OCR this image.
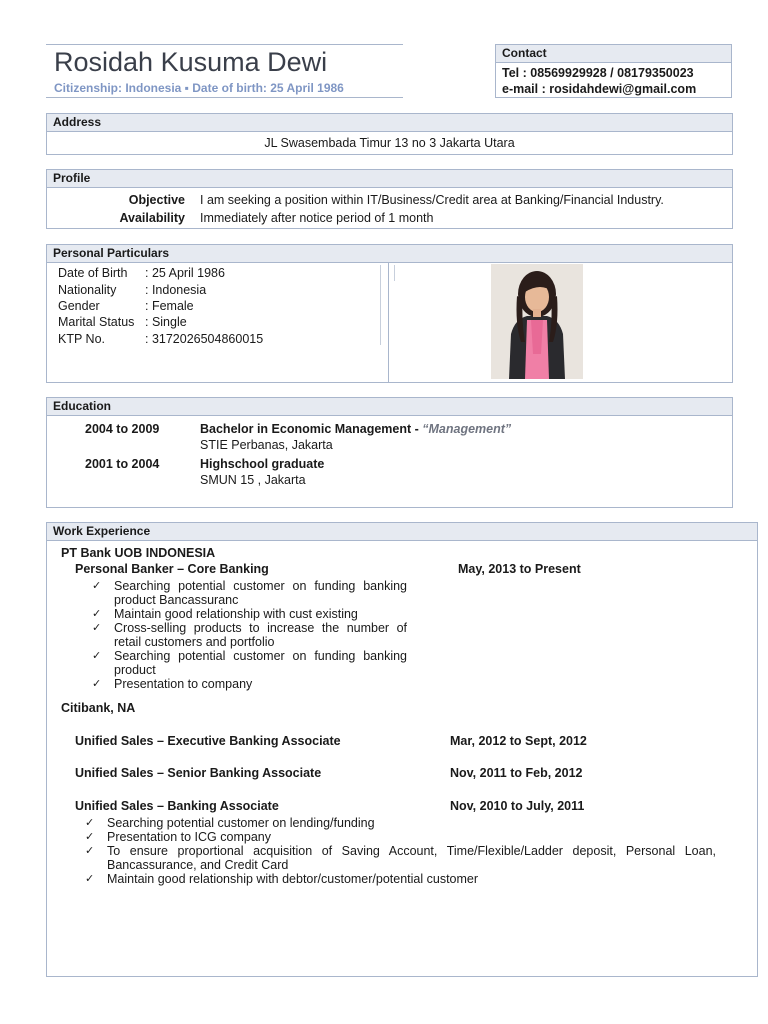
Rosidah Kusuma Dewi
Citizenship: Indonesia ▪ Date of birth: 25 April 1986
Contact
Tel : 08569929928 / 08179350023
e-mail : rosidahdewi@gmail.com
Address
JL Swasembada Timur 13 no 3 Jakarta Utara
Profile
Objective I am seeking a position within IT/Business/Credit area at Banking/Financial Industry.
Availability Immediately after notice period of 1 month
Personal Particulars
Date of Birth : 25 April 1986
Nationality : Indonesia
Gender	: Female
Marital Status : Single
KTP No.	: 3172026504860015
Education
2004 to 2009	Bachelor in Economic Management - “Management”
STIE Perbanas, Jakarta
2001 to 2004	Highschool graduate
SMUN 15 , Jakarta
Work Experience
PT Bank UOB INDONESIA
Personal Banker – Core Banking	May, 2013 to Present
✓ Searching potential customer on funding banking product Bancassuranc
✓ Maintain good relationship with cust existing
✓ Cross-selling products to increase the number of retail customers and portfolio
✓ Searching potential customer on funding banking product
✓ Presentation to company
Citibank, NA
Unified Sales – Executive Banking Associate	Mar, 2012 to Sept, 2012
Unified Sales – Senior Banking Associate	Nov, 2011 to Feb, 2012
Unified Sales – Banking Associate	Nov, 2010 to July, 2011
✓ Searching potential customer on lending/funding
✓ Presentation to ICG company
✓ To ensure proportional acquisition of Saving Account, Time/Flexible/Ladder deposit, Personal Loan, Bancassurance, and Credit Card
✓ Maintain good relationship with debtor/customer/potential customer
